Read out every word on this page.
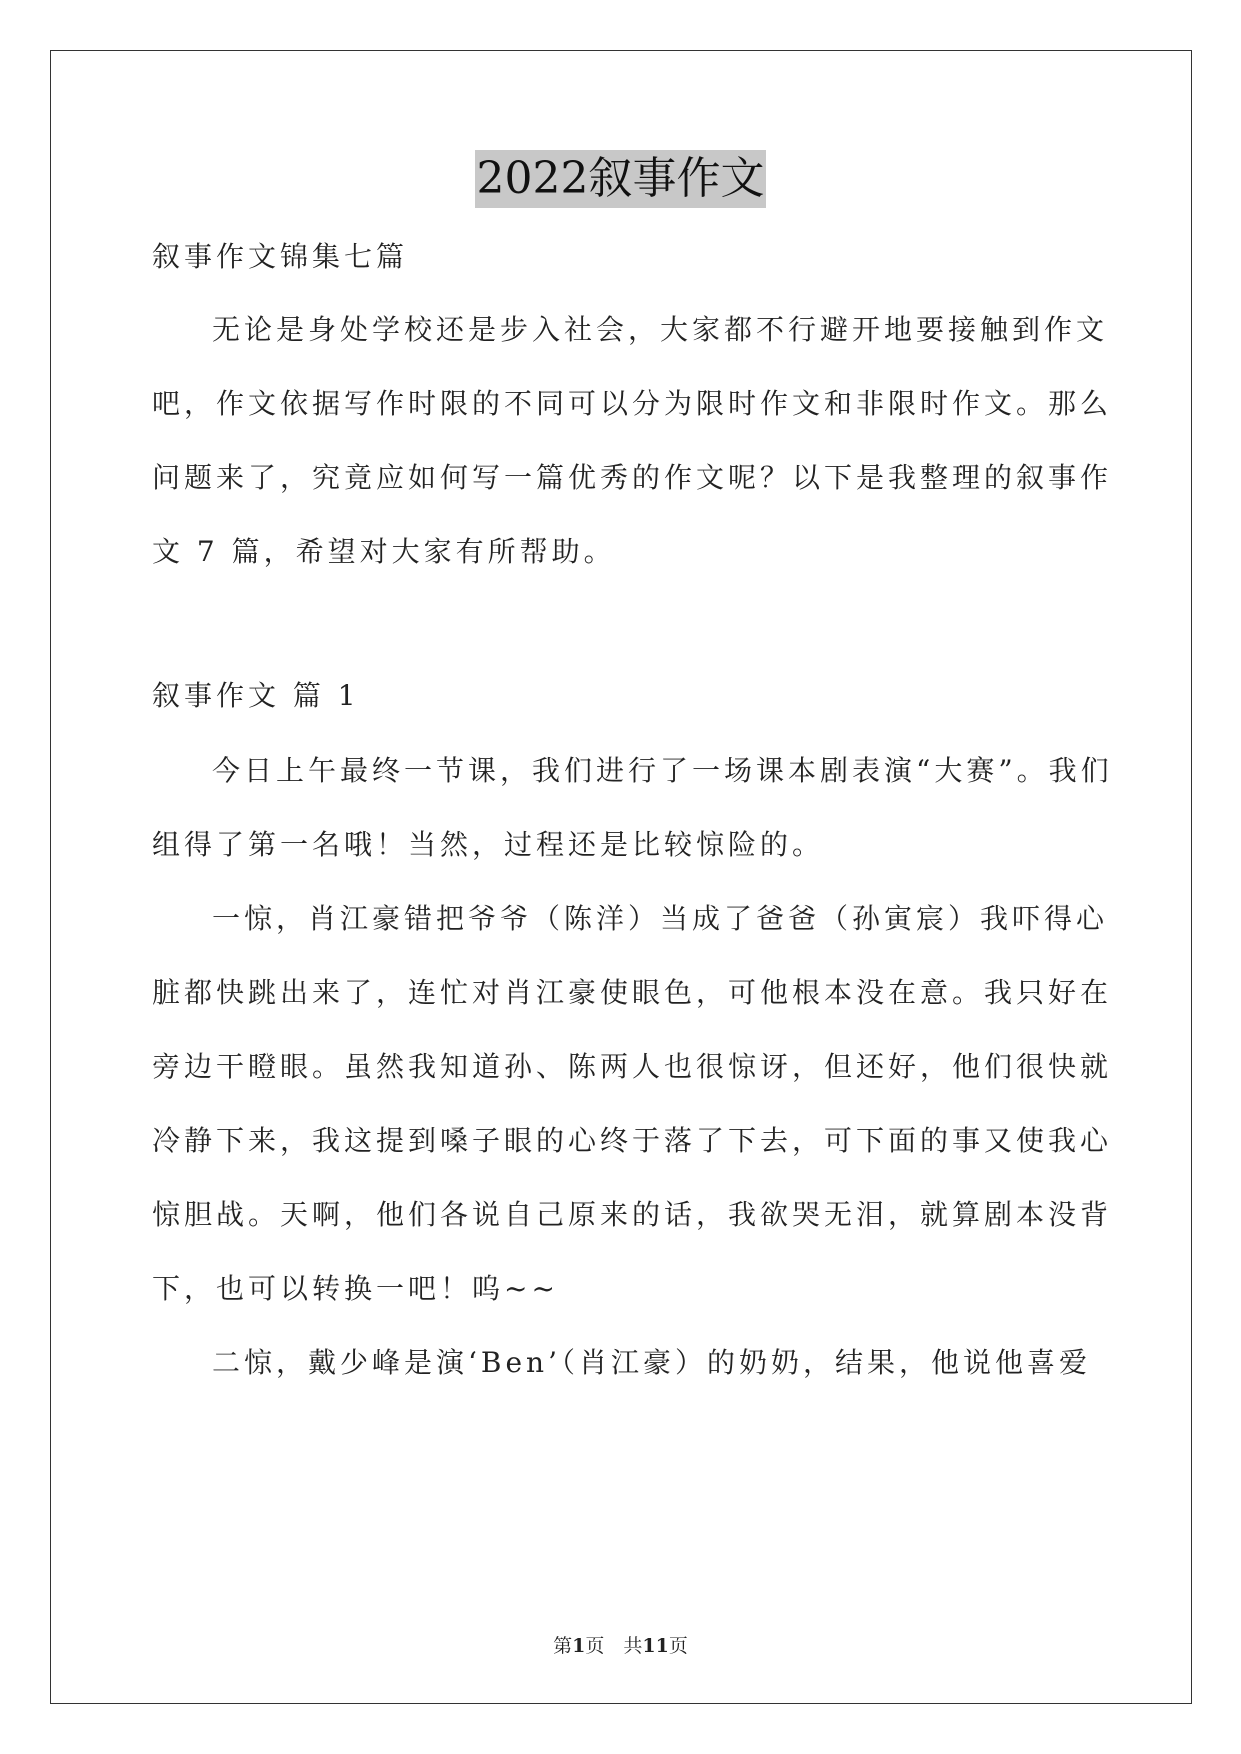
2022叙事作文
叙事作文锦集七篇
无论是身处学校还是步入社会，大家都不行避开地要接触到作文
吧，作文依据写作时限的不同可以分为限时作文和非限时作文。那么
问题来了，究竟应如何写一篇优秀的作文呢？以下是我整理的叙事作
文 7 篇，希望对大家有所帮助。
叙事作文 篇 1
今日上午最终一节课，我们进行了一场课本剧表演“大赛”。我们
组得了第一名哦！当然，过程还是比较惊险的。
一惊，肖江豪错把爷爷（陈洋）当成了爸爸（孙寅宸）我吓得心
脏都快跳出来了，连忙对肖江豪使眼色，可他根本没在意。我只好在
旁边干瞪眼。虽然我知道孙、陈两人也很惊讶，但还好，他们很快就
冷静下来，我这提到嗓子眼的心终于落了下去，可下面的事又使我心
惊胆战。天啊，他们各说自己原来的话，我欲哭无泪，就算剧本没背
下，也可以转换一吧！呜~~
二惊，戴少峰是演‘Ben’（肖江豪）的奶奶，结果，他说他喜爱
第1页　共11页
